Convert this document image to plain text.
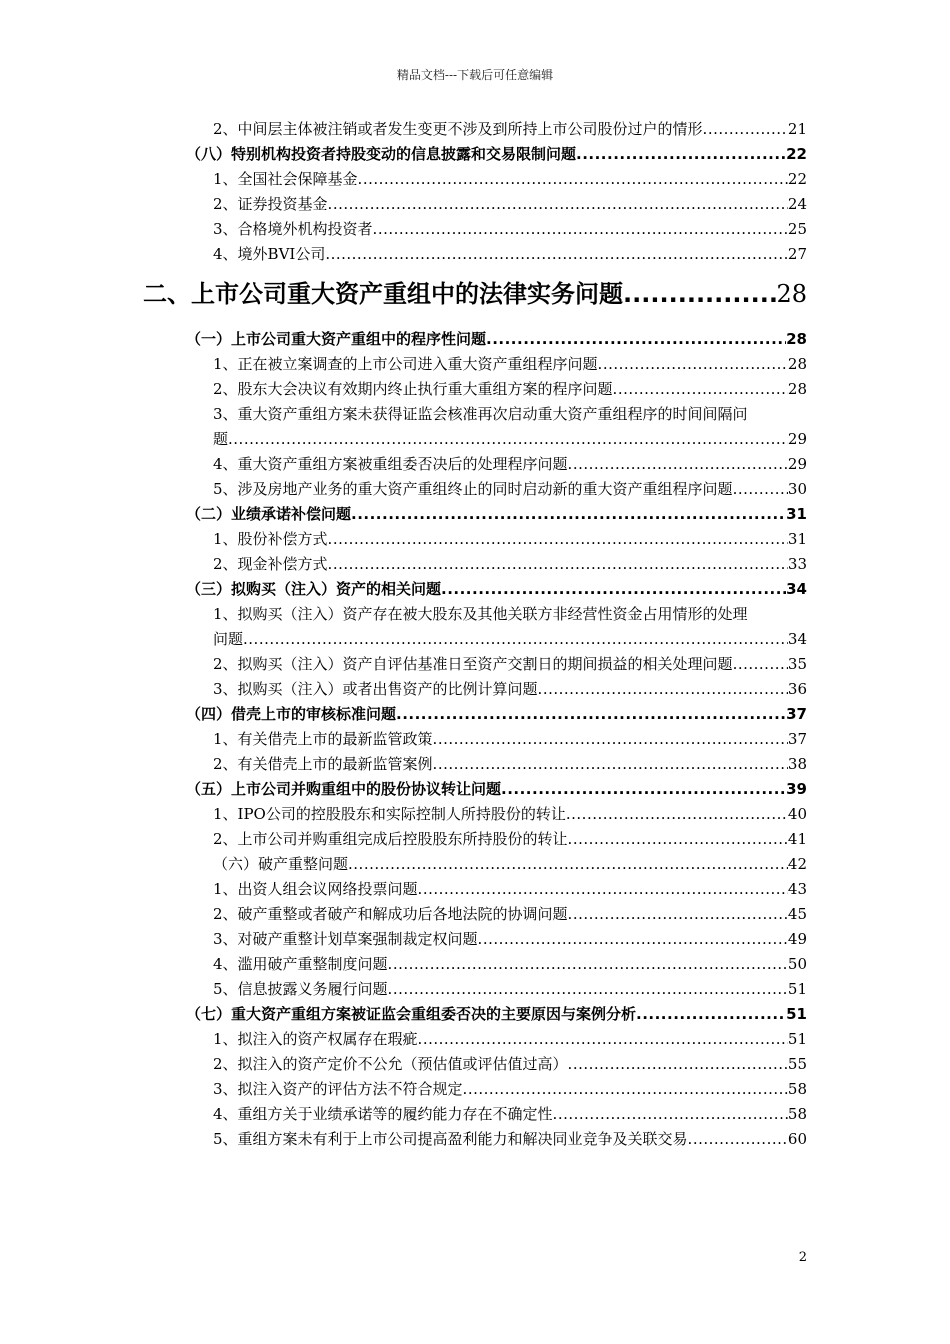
精品文档---下载后可任意编辑
2、中间层主体被注销或者发生变更不涉及到所持上市公司股份过户的情形 .....	21
（八）特别机构投资者持股变动的信息披露和交易限制问题 .....	22
1、全国社会保障基金 .....	22
2、证券投资基金 .....	24
3、合格境外机构投资者 .....	25
4、境外BVI公司 .....	27
二、上市公司重大资产重组中的法律实务问题 .....	28
（一）上市公司重大资产重组中的程序性问题 .....	28
1、正在被立案调查的上市公司进入重大资产重组程序问题 .....	28
2、股东大会决议有效期内终止执行重大重组方案的程序问题 .....	28
3、重大资产重组方案未获得证监会核准再次启动重大资产重组程序的时间间隔问
题 .....	29
4、重大资产重组方案被重组委否决后的处理程序问题 .....	29
5、涉及房地产业务的重大资产重组终止的同时启动新的重大资产重组程序问题 .....	30
（二）业绩承诺补偿问题 .....	31
1、股份补偿方式 .....	31
2、现金补偿方式 .....	33
（三）拟购买（注入）资产的相关问题 .....	34
1、拟购买（注入）资产存在被大股东及其他关联方非经营性资金占用情形的处理
问题 .....	34
2、拟购买（注入）资产自评估基准日至资产交割日的期间损益的相关处理问题 .....	35
3、拟购买（注入）或者出售资产的比例计算问题 .....	36
（四）借壳上市的审核标准问题 .....	37
1、有关借壳上市的最新监管政策 .....	37
2、有关借壳上市的最新监管案例 .....	38
（五）上市公司并购重组中的股份协议转让问题 .....	39
1、IPO公司的控股股东和实际控制人所持股份的转让 .....	40
2、上市公司并购重组完成后控股股东所持股份的转让 .....	41
（六）破产重整问题 .....	42
1、出资人组会议网络投票问题 .....	43
2、破产重整或者破产和解成功后各地法院的协调问题 .....	45
3、对破产重整计划草案强制裁定权问题 .....	49
4、滥用破产重整制度问题 .....	50
5、信息披露义务履行问题 .....	51
（七）重大资产重组方案被证监会重组委否决的主要原因与案例分析 .....	51
1、拟注入的资产权属存在瑕疵 .....	51
2、拟注入的资产定价不公允（预估值或评估值过高） .....	55
3、拟注入资产的评估方法不符合规定 .....	58
4、重组方关于业绩承诺等的履约能力存在不确定性 .....	58
5、重组方案未有利于上市公司提高盈利能力和解决同业竞争及关联交易 .....	60
2
